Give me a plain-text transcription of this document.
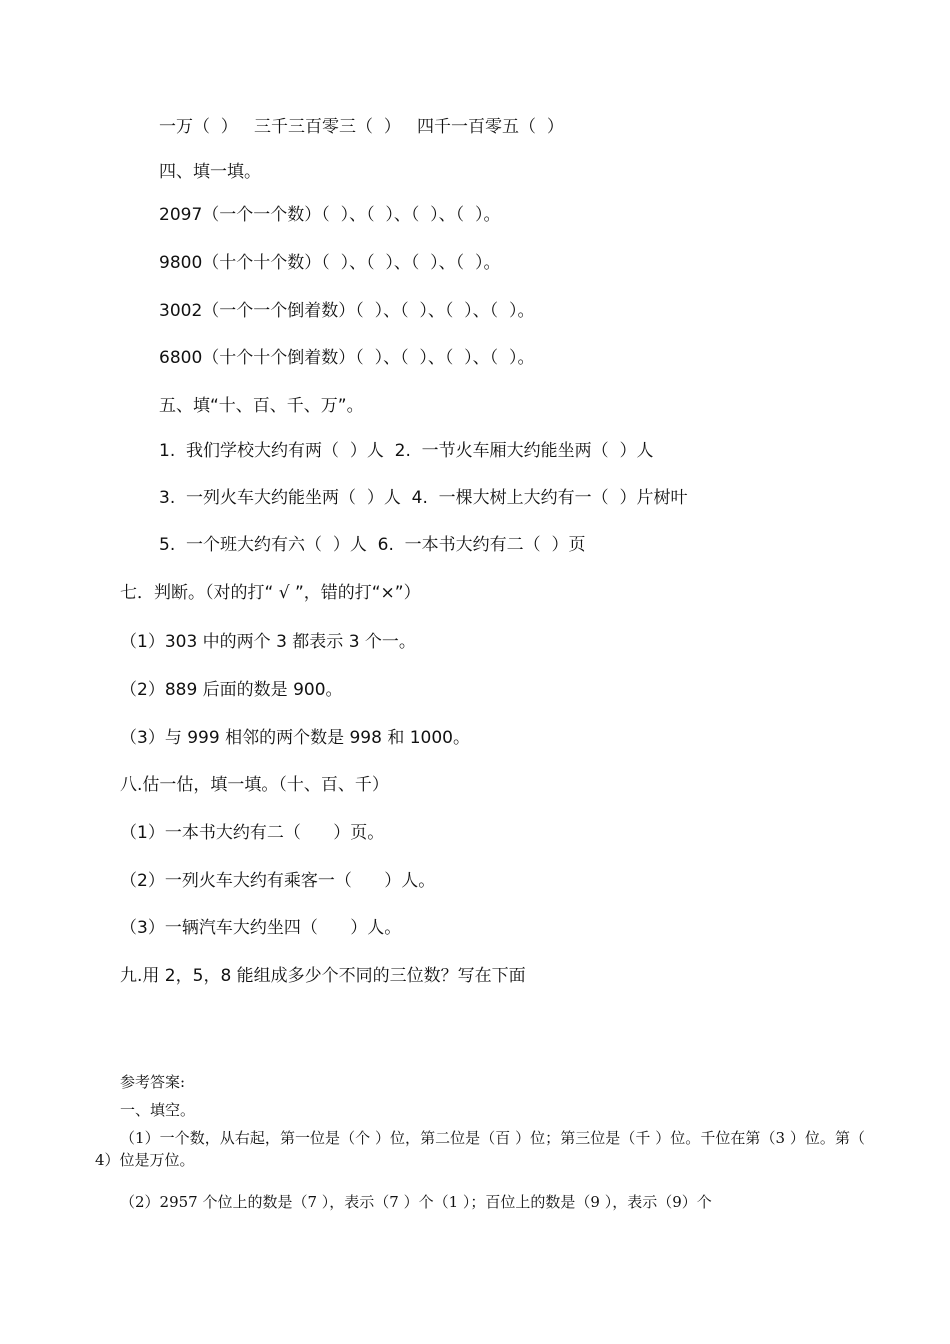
一万（  ）   三千三百零三（  ）   四千一百零五（  ）
四、填一填。
2097（一个一个数）（  ）、（  ）、（  ）、（  ）。
9800（十个十个数）（  ）、（  ）、（  ）、（  ）。
3002（一个一个倒着数）（  ）、（  ）、（  ）、（  ）。
6800（十个十个倒着数）（  ）、（  ）、（  ）、（  ）。
五、填“十、百、千、万”。
1.  我们学校大约有两（  ）人  2.  一节火车厢大约能坐两（  ）人
3.  一列火车大约能坐两（  ）人  4.  一棵大树上大约有一（  ）片树叶
5.  一个班大约有六（  ）人  6.  一本书大约有二（  ）页
七．判断。（对的打“ √ ”，错的打“×”）
（1）303 中的两个 3 都表示 3 个一。
（2）889 后面的数是 900。
（3）与 999 相邻的两个数是 998 和 1000。
八.估一估，填一填。（十、百、千）
（1）一本书大约有二（      ）页。
（2）一列火车大约有乘客一（      ）人。
（3）一辆汽车大约坐四（      ）人。
九.用 2，5，8 能组成多少个不同的三位数？写在下面
参考答案:
一、填空。
（1）一个数，从右起，第一位是（个 ）位，第二位是（百 ）位；第三位是（千 ）位。千位在第（3 ）位。第（ 4）位是万位。
（2）2957 个位上的数是（7 ），表示（7 ）个（1 ）；百位上的数是（9 ），表示（9）个
